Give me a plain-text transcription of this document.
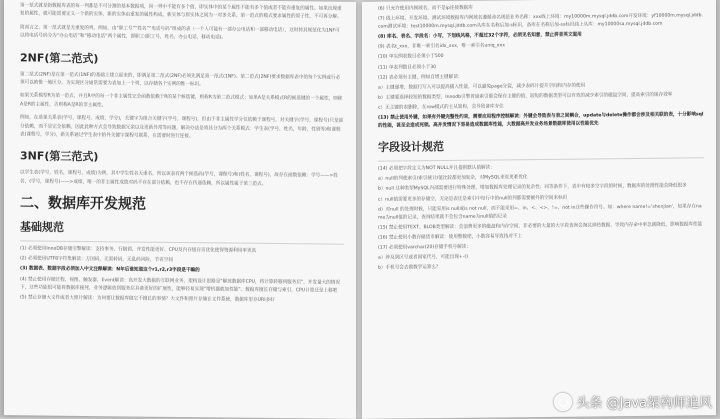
第一范式就是指数据库表的每一列都是不可分割的基本数据项，同一列中不能有多个值，即实体中的某个属性不能有多个值或者不能有重复的属性。如果出现重复的属性，就可能需要定义一个新的实体，新的实体由重复的属性构成，新实体与原实体之间为一对多关系。第一范式的模式要求属性的原子性，不可再分解。

简而言之，第一范式就是无重复的列。例如，由“职工号”“姓名”“电话号码”组成的表（一个人可能有一部办公电话和一部移动电话），这时将其规范化为1NF可以将电话号码分为“办公电话”和“移动电话”两个属性，即职工(职工号，姓名，办公电话，移动电话)。

2NF(第二范式)

第二范式(2NF)是在第一范式(1NF)的基础上建立起来的，即满足第二范式(2NF)必须先满足第一范式(1NF)。第二范式(2NF)要求数据库表中的每个实例或行必须可以被惟一地区分。为实现区分通常需要为表加上一个列，以存储各个实例的惟一标识。

如果关系模型R为第一范式，并且R中的每一个非主属性完全函数依赖于R的某个候选键，则称R为第二范式模式；如果A是关系模式R的候选键的一个属性，则称A是R的主属性，否则称A是R的非主属性。

例如，在选课关系表(学号，课程号，成绩，学分)，关键字为组合关键字(学号，课程号)，但由于非主属性学分仅依赖于课程号，对关键字(学号，课程号)只是部分依赖，而不是完全依赖，因此此种方式会导致数据冗余以及更新异常等问题，解决办法是将其分为两个关系模式：学生表(学号，姓名，年龄，性别等)和课程表(课程号，学分)，新关系通过学生表中的外关键字课程号联系，在需要时进行连接。

3NF(第三范式)

以学生表(学号，姓名，课程号，成绩)为例，其中学生姓名无重名，所以该表有两个候选码(学号，课程号)和(姓名，课程号)，故存在函数依赖：学号——>姓名，(学号，课程号)——>成绩，唯一的非主属性成绩对码不存在部分依赖，也不存在传递依赖，所以属性属于第三范式。

二、数据库开发规范
基础规范

(1) 必须使用InnoDB存储引擎解读：支持事务、行级锁、并发性能更好、CPU及内存缓存页优化使得资源利用率更高

(2) 必须使用UTF8字符集解读：万国码，无需转码，无乱码风险，节省空间

(3) 数据表、数据字段必须加入中文注释解读：N年后谁知道这个r1,r2,r3字段是干嘛的

(4) 禁止使用存储过程、视图、触发器、Event解读：高并发大数据的互联网业务，架构设计思路是“解放数据库CPU，将计算转移到服务层”，并发量大的情况下，这些功能很可能将数据库拖死，业务逻辑放到服务层具备更好的扩展性，能够轻易实现“增机器就加性能”。数据库擅长存储与索引，CPU计算还是上移吧

(5) 禁止存储大文件或者大照片解读：为何要让数据库做它不擅长的事情？大文件和照片存储在文件系统，数据库里存URI多好

(6) 只允许使用内网域名，而不是ip连接数据库

(7) 线上环境、开发环境、测试环境数据库内网域名遵循命名规范业务名称：xxx线上环境：my10000m.mysql.jddb.com开发环境：yf10000m.mysql.jddb.com测试环境：test10000m.mysql.jddb.com从库在名称后加-s标识，备库在名称后加-ss标识线上从库：my10000sa.mysql.jddb.com

(8) 库名、表名、字段名：小写，下划线风格，不超过32个字符，必须见名知意，禁止拼音英文混用

(9) 表名t_xxx，非唯一索引名idx_xxx，唯一索引名uniq_xxx

(10) 单实例表数目必须小于500

(11) 单表列数目必须小于30

(12) 表必须有主键，例如自增主键解读：

a）主键递增，数据行写入可以提高插入性能，可以避免page分裂，减少表碎片提升空间和内存的使用

b）主键要选择较短的数据类型，Innodb引擎普通索引都会保存主键的值，较短的数据类型可以有效的减少索引的磁盘空间，提高索引的缓存效率

c）无主键的表删除，在row模式的主从架构，会导致备库夯住

(13) 禁止使用外键，如果有外键完整性约束，需要应用程序控制解读：外键会导致表与表之间耦合，update与delete操作都会涉及相关联的表，十分影响sql的性能，甚至会造成死锁。高并发情况下容易造成数据库性能，大数据高并发业务场景数据库使用以性能优先

字段设计规范

(14) 必须把字段定义为NOT NULL并且提供默认值解读：

a）null的列使索引/索引统计/值比较都更加复杂，对MySQL来说更难优化

b）null 这种类型MySQL内部需要进行特殊处理，增加数据库处理记录的复杂性；同等条件下，表中有较多空字段的时候，数据库的处理性能会降低很多

c）null值需要更多的存储空，无论是表还是索引中每行中的null的列都需要额外的空间来标识

d）对null 的处理时候，只能采用is null或is not null，而不能采用=、in、<、<>、!=、not in这些操作符号。如：where name!='shenjian'，如果存在name为null值的记录，查询结果就不会包含name为null值的记录

(15) 禁止使用TEXT、BLOB类型解读：会浪费更多的磁盘和内存空间，非必要的大量的大字段查询会淘汰掉热数据，导致内存命中率急剧降低，影响数据库性能

(16) 禁止使用小数存储货币解读：使用整数吧，小数容易导致钱对不上

(17) 必须使用varchar(20)存储手机号解读：

a）涉及到区号或者国家代号，可能出现+-()

b）手机号会去做数学运算么？

头条 @Java架构师追风
